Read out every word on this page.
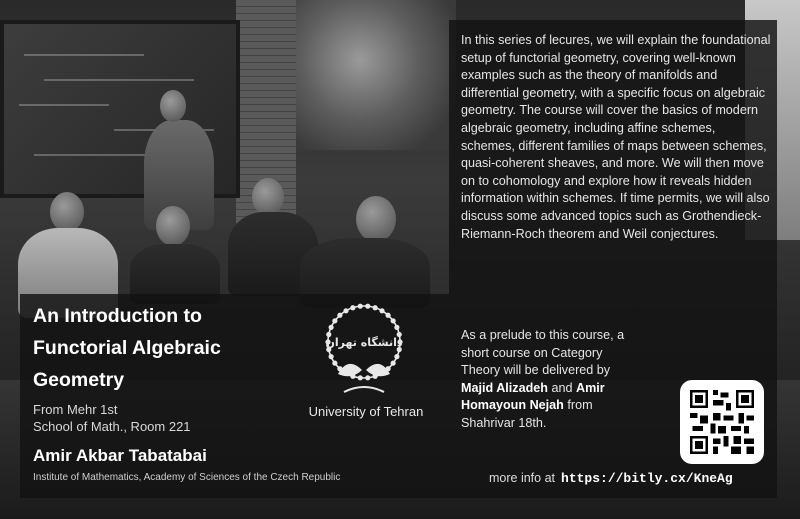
In this series of lecures, we will explain the foundational setup of functorial geometry, covering well-known examples such as the theory of manifolds and differential geometry, with a specific focus on algebraic geometry. The course will cover the basics of modern algebraic geometry, including affine schemes, schemes, different families of maps between schemes, quasi-coherent sheaves, and more. We will then move on to cohomology and explore how it reveals hidden information within schemes. If time permits, we will also discuss some advanced topics such as Grothendieck-Riemann-Roch theorem and Weil conjectures.

As a prelude to this course, a short course on Category Theory will be delivered by Majid Alizadeh and Amir Homayoun Nejah from Shahrivar 18th.

more info at https://bitly.cx/KneAg
An Introduction to
Functorial Algebraic
Geometry
From Mehr 1st
School of Math., Room 221
Amir Akbar Tabatabai
Institute of Mathematics, Academy of Sciences of the Czech Republic
دانشگاه تهران
University of Tehran
